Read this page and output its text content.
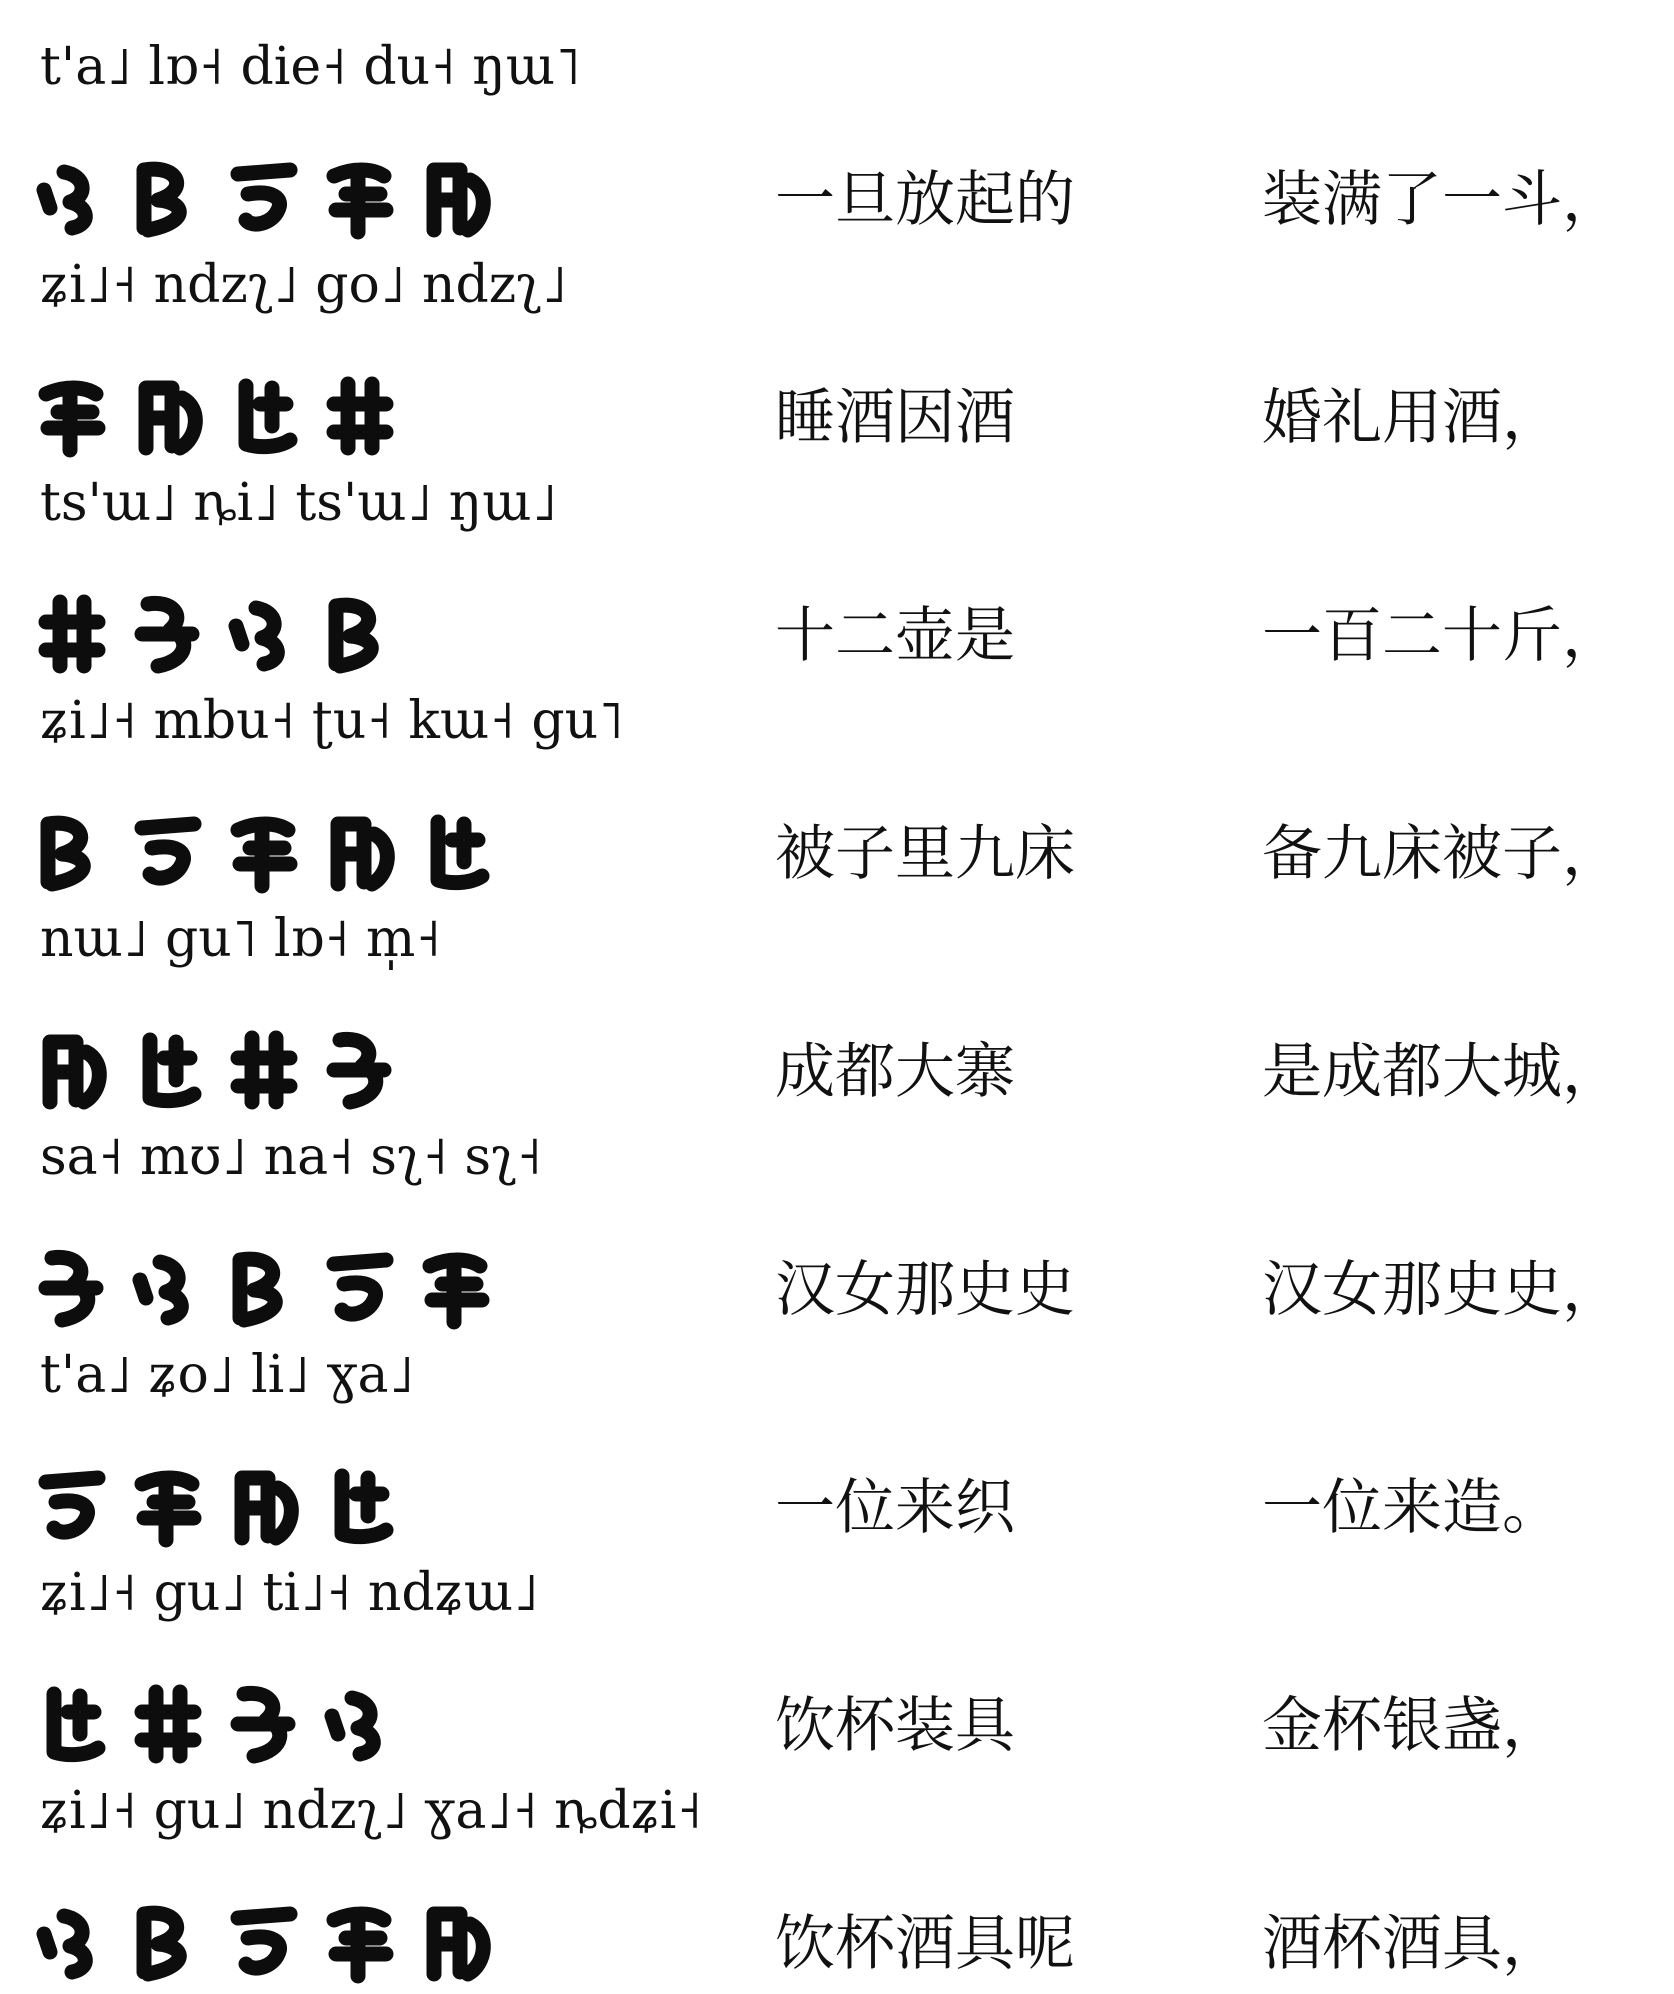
t'a˩ lɒ˧ die˧ du˧ ŋɯ˥
一旦放起的	装满了一斗，
ʑi˩˧ ndzʅ˩ go˩ ndzʅ˩
睡酒因酒	婚礼用酒，
ts'ɯ˩ ȵi˩ ts'ɯ˩ ŋɯ˩
十二壶是	一百二十斤，
ʑi˩˧ mbu˧ ʈu˧ kɯ˧ gu˥
被子里九床	备九床被子，
nɯ˩ gu˥ lɒ˧ m̩˧
成都大寨	是成都大城，
sa˧ mʊ˩ na˧ sʅ˧ sʅ˧
汉女那史史	汉女那史史，
t'a˩ ʑo˩ li˩ ɣa˩
一位来织	一位来造。
ʑi˩˧ gu˩ ti˩˧ ndʑɯ˩
饮杯装具	金杯银盏，
ʑi˩˧ gu˩ ndzʅ˩ ɣa˩˧ ȵdʑi˧
饮杯酒具呢	酒杯酒具，
